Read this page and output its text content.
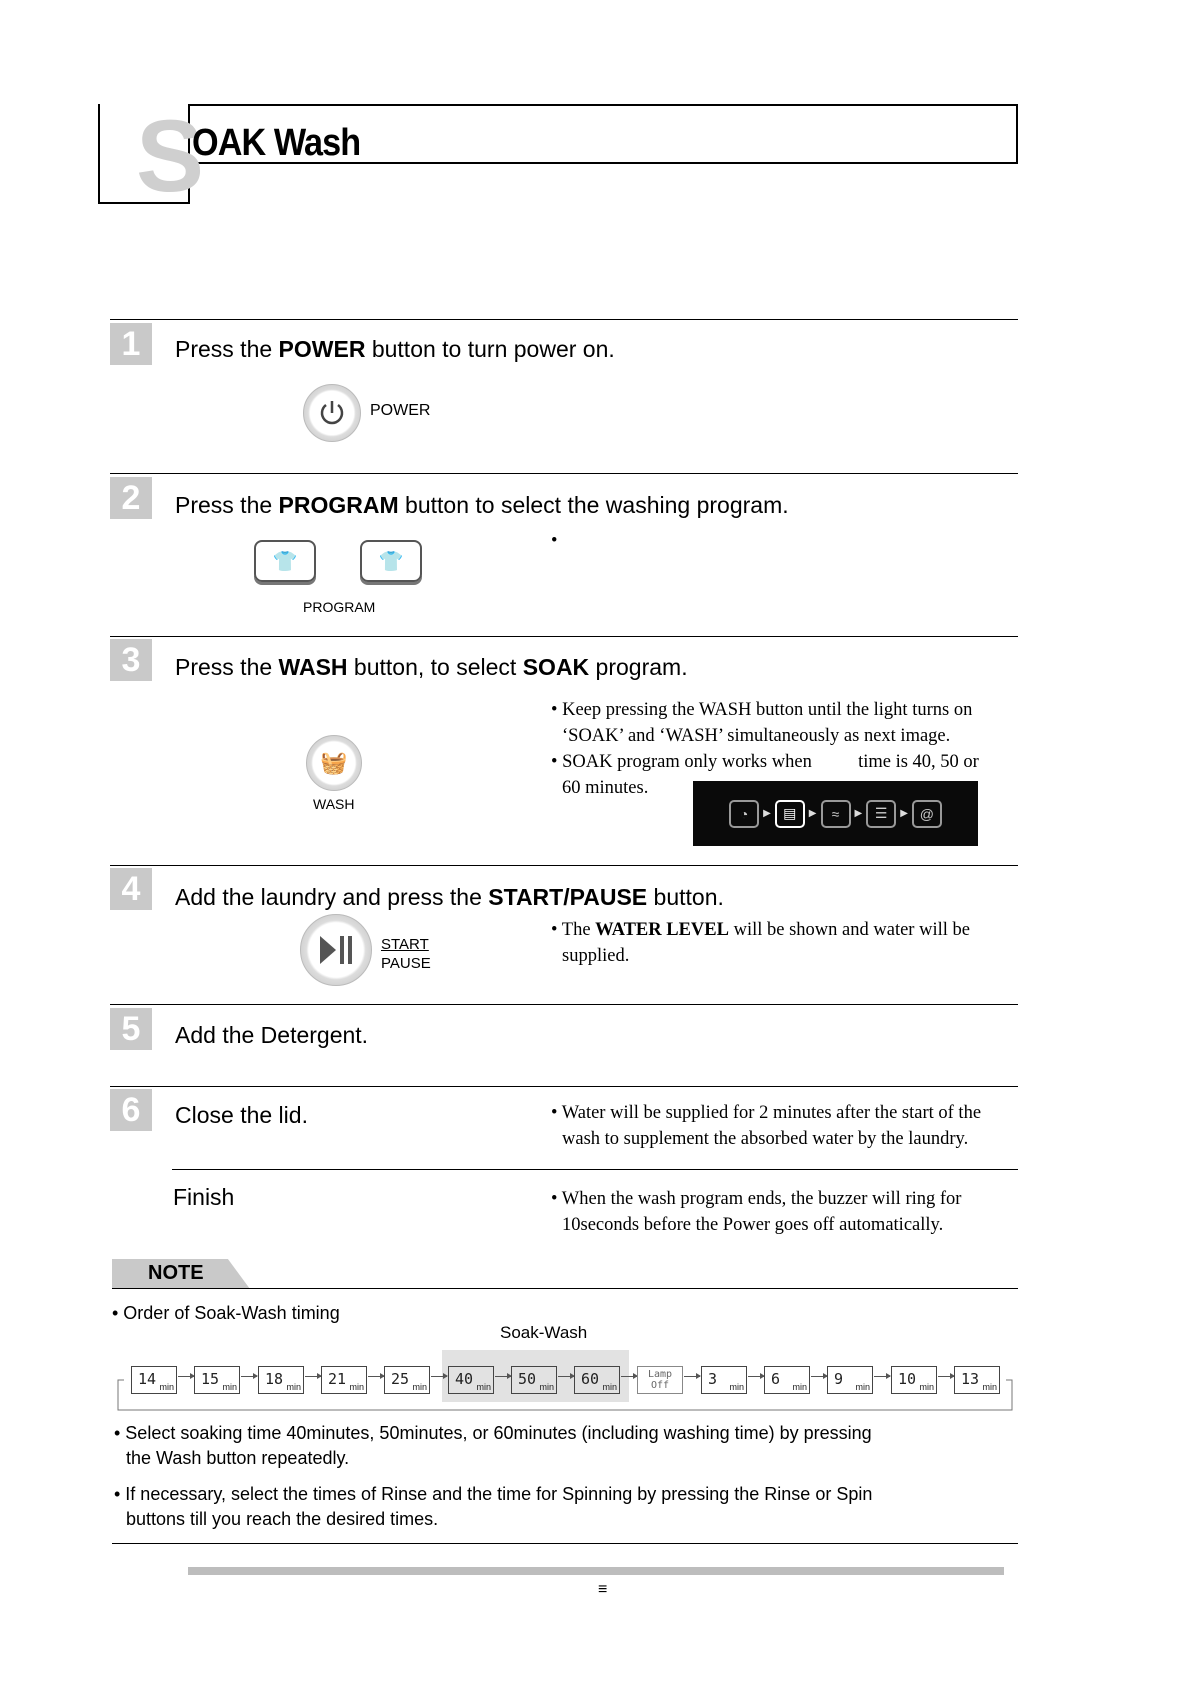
S
OAK Wash
1	Press the POWER button to turn power on.
POWER
2	Press the PROGRAM button to select the washing program.
👕	👕
PROGRAM
•
3	Press the WASH button, to select SOAK program.
🧺
WASH
• Keep pressing the WASH button until the light turns on
‘SOAK’ and ‘WASH’ simultaneously as next image.
• SOAK program only works when          time is 40, 50 or
60 minutes.
◔	▶ ▤	▶	≈	▶ ☰	▶ @
4	Add the laundry and press the START/PAUSE button.
START
PAUSE
• The WATER LEVEL will be shown and water will be
supplied.
5	Add the Detergent.
6	Close the lid.	• Water will be supplied for 2 minutes after the start of the
wash to supplement the absorbed water by the laundry.
Finish	• When the wash program ends, the buzzer will ring for
10seconds before the Power goes off automatically.
NOTE
• Order of Soak-Wash timing
Soak-Wash
• Select soaking time 40minutes, 50minutes, or 60minutes (including washing time) by pressing
the Wash button repeatedly.
• If necessary, select the times of Rinse and the time for Spinning by pressing the Rinse or Spin
buttons till you reach the desired times.
≡
14 min 15 min 18 min 21 min 25 min 40 min 50 min 60 min
Lamp
Off	3 min 6 min 9 min 10 min 13 min
